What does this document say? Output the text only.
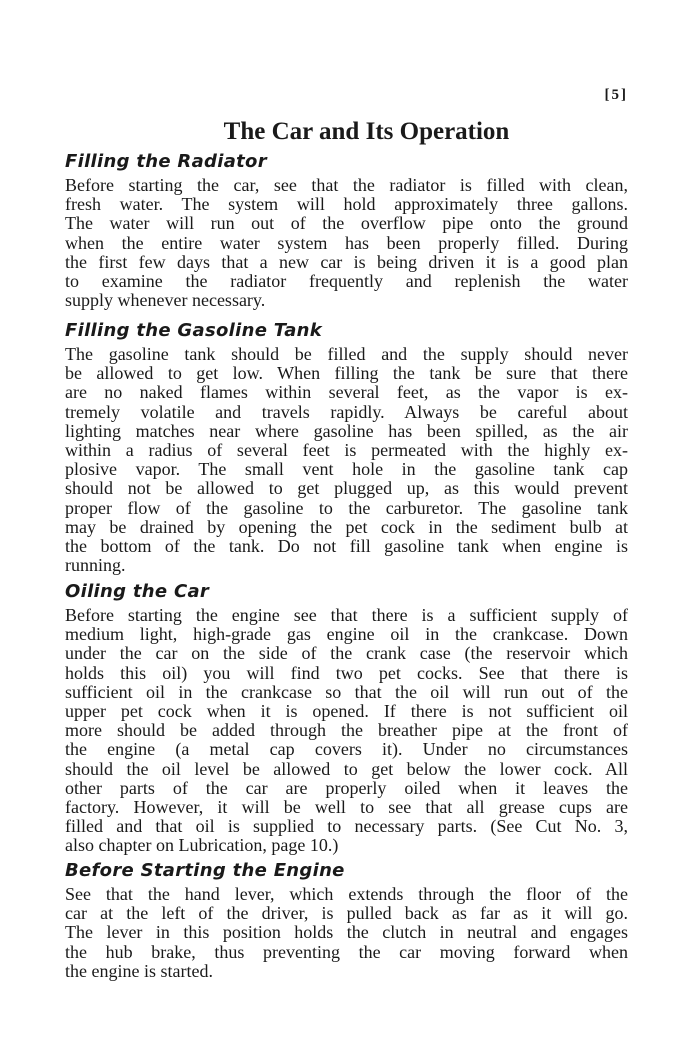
[5]
The Car and Its Operation
Filling the Radiator
Before starting the car, see that the radiator is filled with clean,
fresh water. The system will hold approximately three gallons.
The water will run out of the overflow pipe onto the ground
when the entire water system has been properly filled. During
the first few days that a new car is being driven it is a good plan
to examine the radiator frequently and replenish the water
supply whenever necessary.
Filling the Gasoline Tank
The gasoline tank should be filled and the supply should never
be allowed to get low. When filling the tank be sure that there
are no naked flames within several feet, as the vapor is ex-
tremely volatile and travels rapidly. Always be careful about
lighting matches near where gasoline has been spilled, as the air
within a radius of several feet is permeated with the highly ex-
plosive vapor. The small vent hole in the gasoline tank cap
should not be allowed to get plugged up, as this would prevent
proper flow of the gasoline to the carburetor. The gasoline tank
may be drained by opening the pet cock in the sediment bulb at
the bottom of the tank. Do not fill gasoline tank when engine is
running.
Oiling the Car
Before starting the engine see that there is a sufficient supply of
medium light, high-grade gas engine oil in the crankcase. Down
under the car on the side of the crank case (the reservoir which
holds this oil) you will find two pet cocks. See that there is
sufficient oil in the crankcase so that the oil will run out of the
upper pet cock when it is opened. If there is not sufficient oil
more should be added through the breather pipe at the front of
the engine (a metal cap covers it). Under no circumstances
should the oil level be allowed to get below the lower cock. All
other parts of the car are properly oiled when it leaves the
factory. However, it will be well to see that all grease cups are
filled and that oil is supplied to necessary parts. (See Cut No. 3,
also chapter on Lubrication, page 10.)
Before Starting the Engine
See that the hand lever, which extends through the floor of the
car at the left of the driver, is pulled back as far as it will go.
The lever in this position holds the clutch in neutral and engages
the hub brake, thus preventing the car moving forward when
the engine is started.
